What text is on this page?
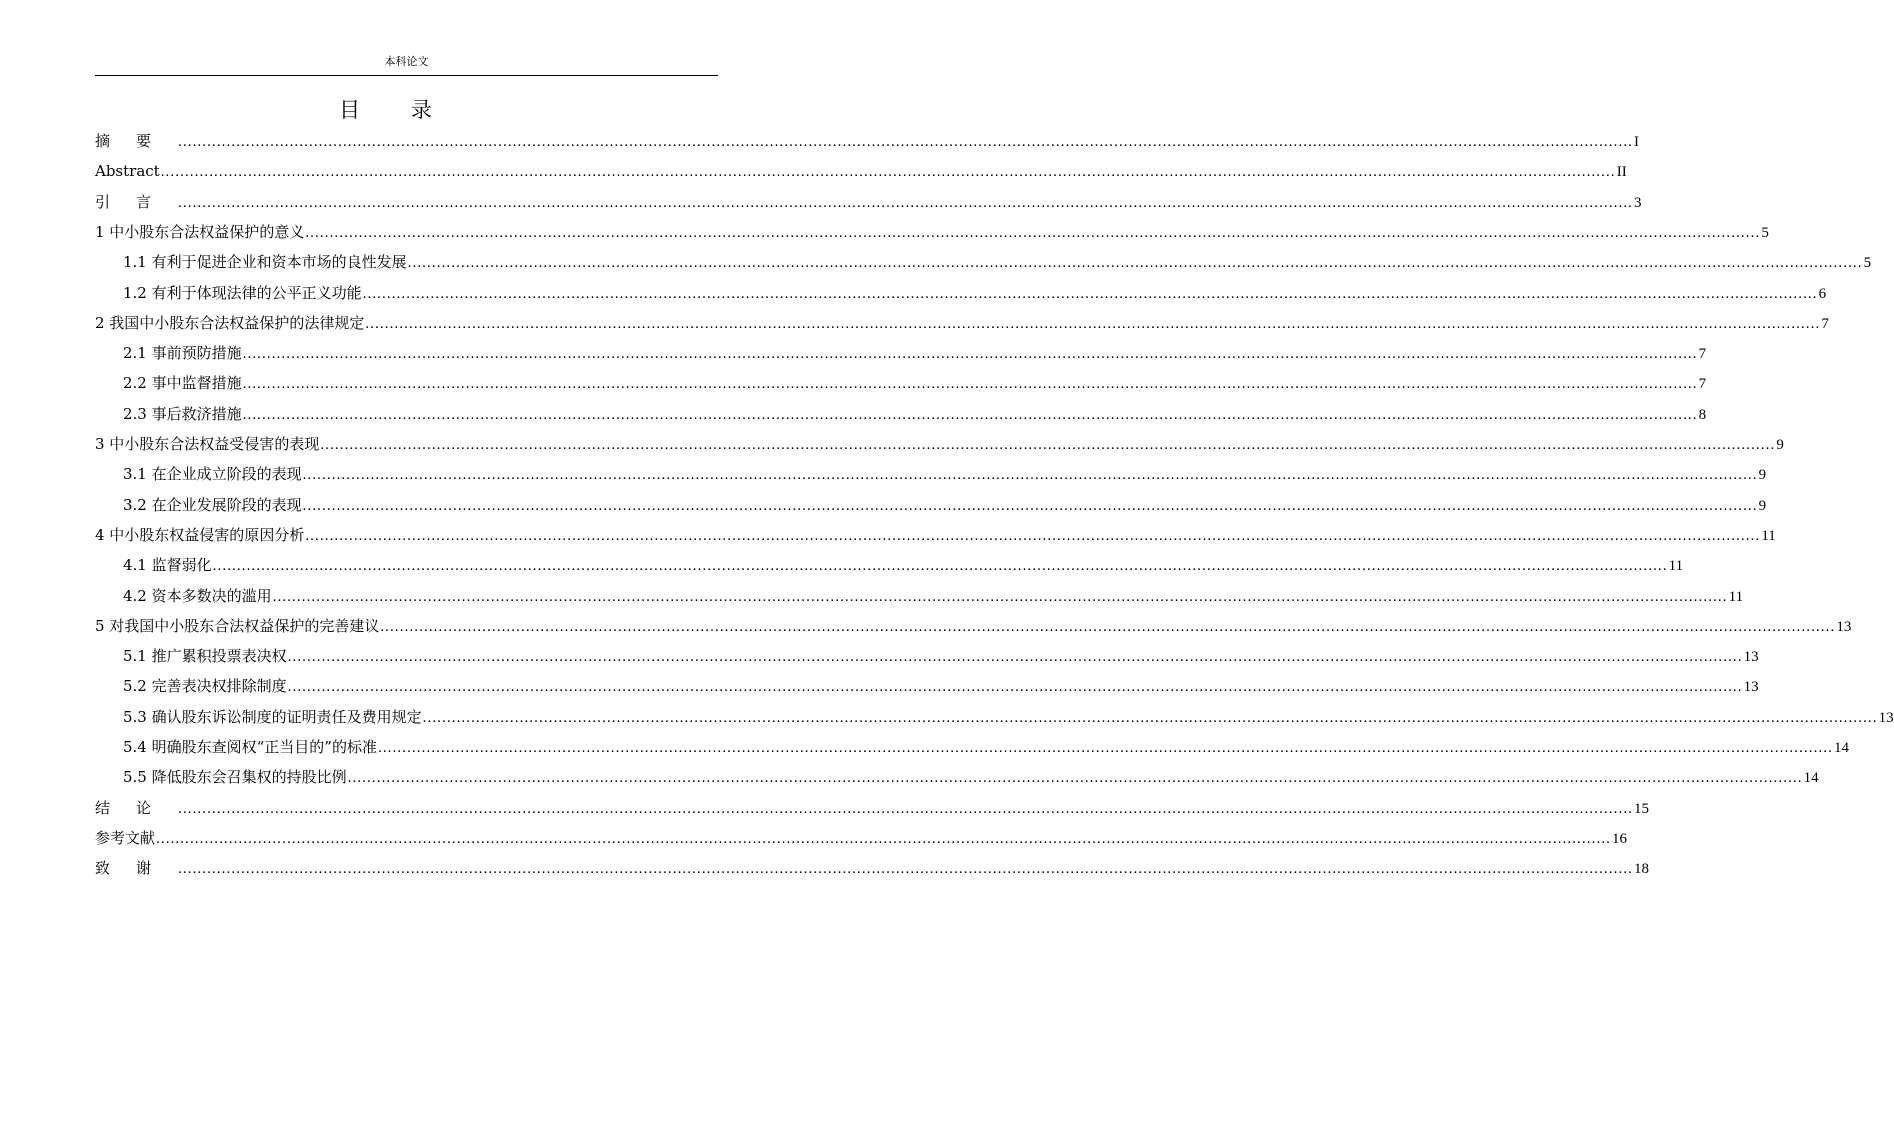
本科论文
目 录
摘要 ............................................................................................................................................................................................................................................................................................................ I
Abstract ............................................................................................................................................................................................................................................................................................................ II
引言 ............................................................................................................................................................................................................................................................................................................ 3
1 中小股东合法权益保护的意义 ............................................................................................................................................................................................................................................................................................................ 5
1.1 有利于促进企业和资本市场的良性发展 ............................................................................................................................................................................................................................................................................................................ 5
1.2 有利于体现法律的公平正义功能 ............................................................................................................................................................................................................................................................................................................ 6
2 我国中小股东合法权益保护的法律规定 ............................................................................................................................................................................................................................................................................................................ 7
2.1 事前预防措施 ............................................................................................................................................................................................................................................................................................................ 7
2.2 事中监督措施 ............................................................................................................................................................................................................................................................................................................ 7
2.3 事后救济措施 ............................................................................................................................................................................................................................................................................................................ 8
3 中小股东合法权益受侵害的表现 ............................................................................................................................................................................................................................................................................................................ 9
3.1 在企业成立阶段的表现 ............................................................................................................................................................................................................................................................................................................ 9
3.2 在企业发展阶段的表现 ............................................................................................................................................................................................................................................................................................................ 9
4 中小股东权益侵害的原因分析 ............................................................................................................................................................................................................................................................................................................ 11
4.1 监督弱化 ............................................................................................................................................................................................................................................................................................................ 11
4.2 资本多数决的滥用 ............................................................................................................................................................................................................................................................................................................ 11
5 对我国中小股东合法权益保护的完善建议 ............................................................................................................................................................................................................................................................................................................ 13
5.1 推广累积投票表决权 ............................................................................................................................................................................................................................................................................................................ 13
5.2 完善表决权排除制度 ............................................................................................................................................................................................................................................................................................................ 13
5.3 确认股东诉讼制度的证明责任及费用规定 ............................................................................................................................................................................................................................................................................................................ 13
5.4 明确股东查阅权“正当目的”的标准 ............................................................................................................................................................................................................................................................................................................ 14
5.5 降低股东会召集权的持股比例 ............................................................................................................................................................................................................................................................................................................ 14
结论 ............................................................................................................................................................................................................................................................................................................ 15
参考文献 ............................................................................................................................................................................................................................................................................................................ 16
致谢 ............................................................................................................................................................................................................................................................................................................ 18
